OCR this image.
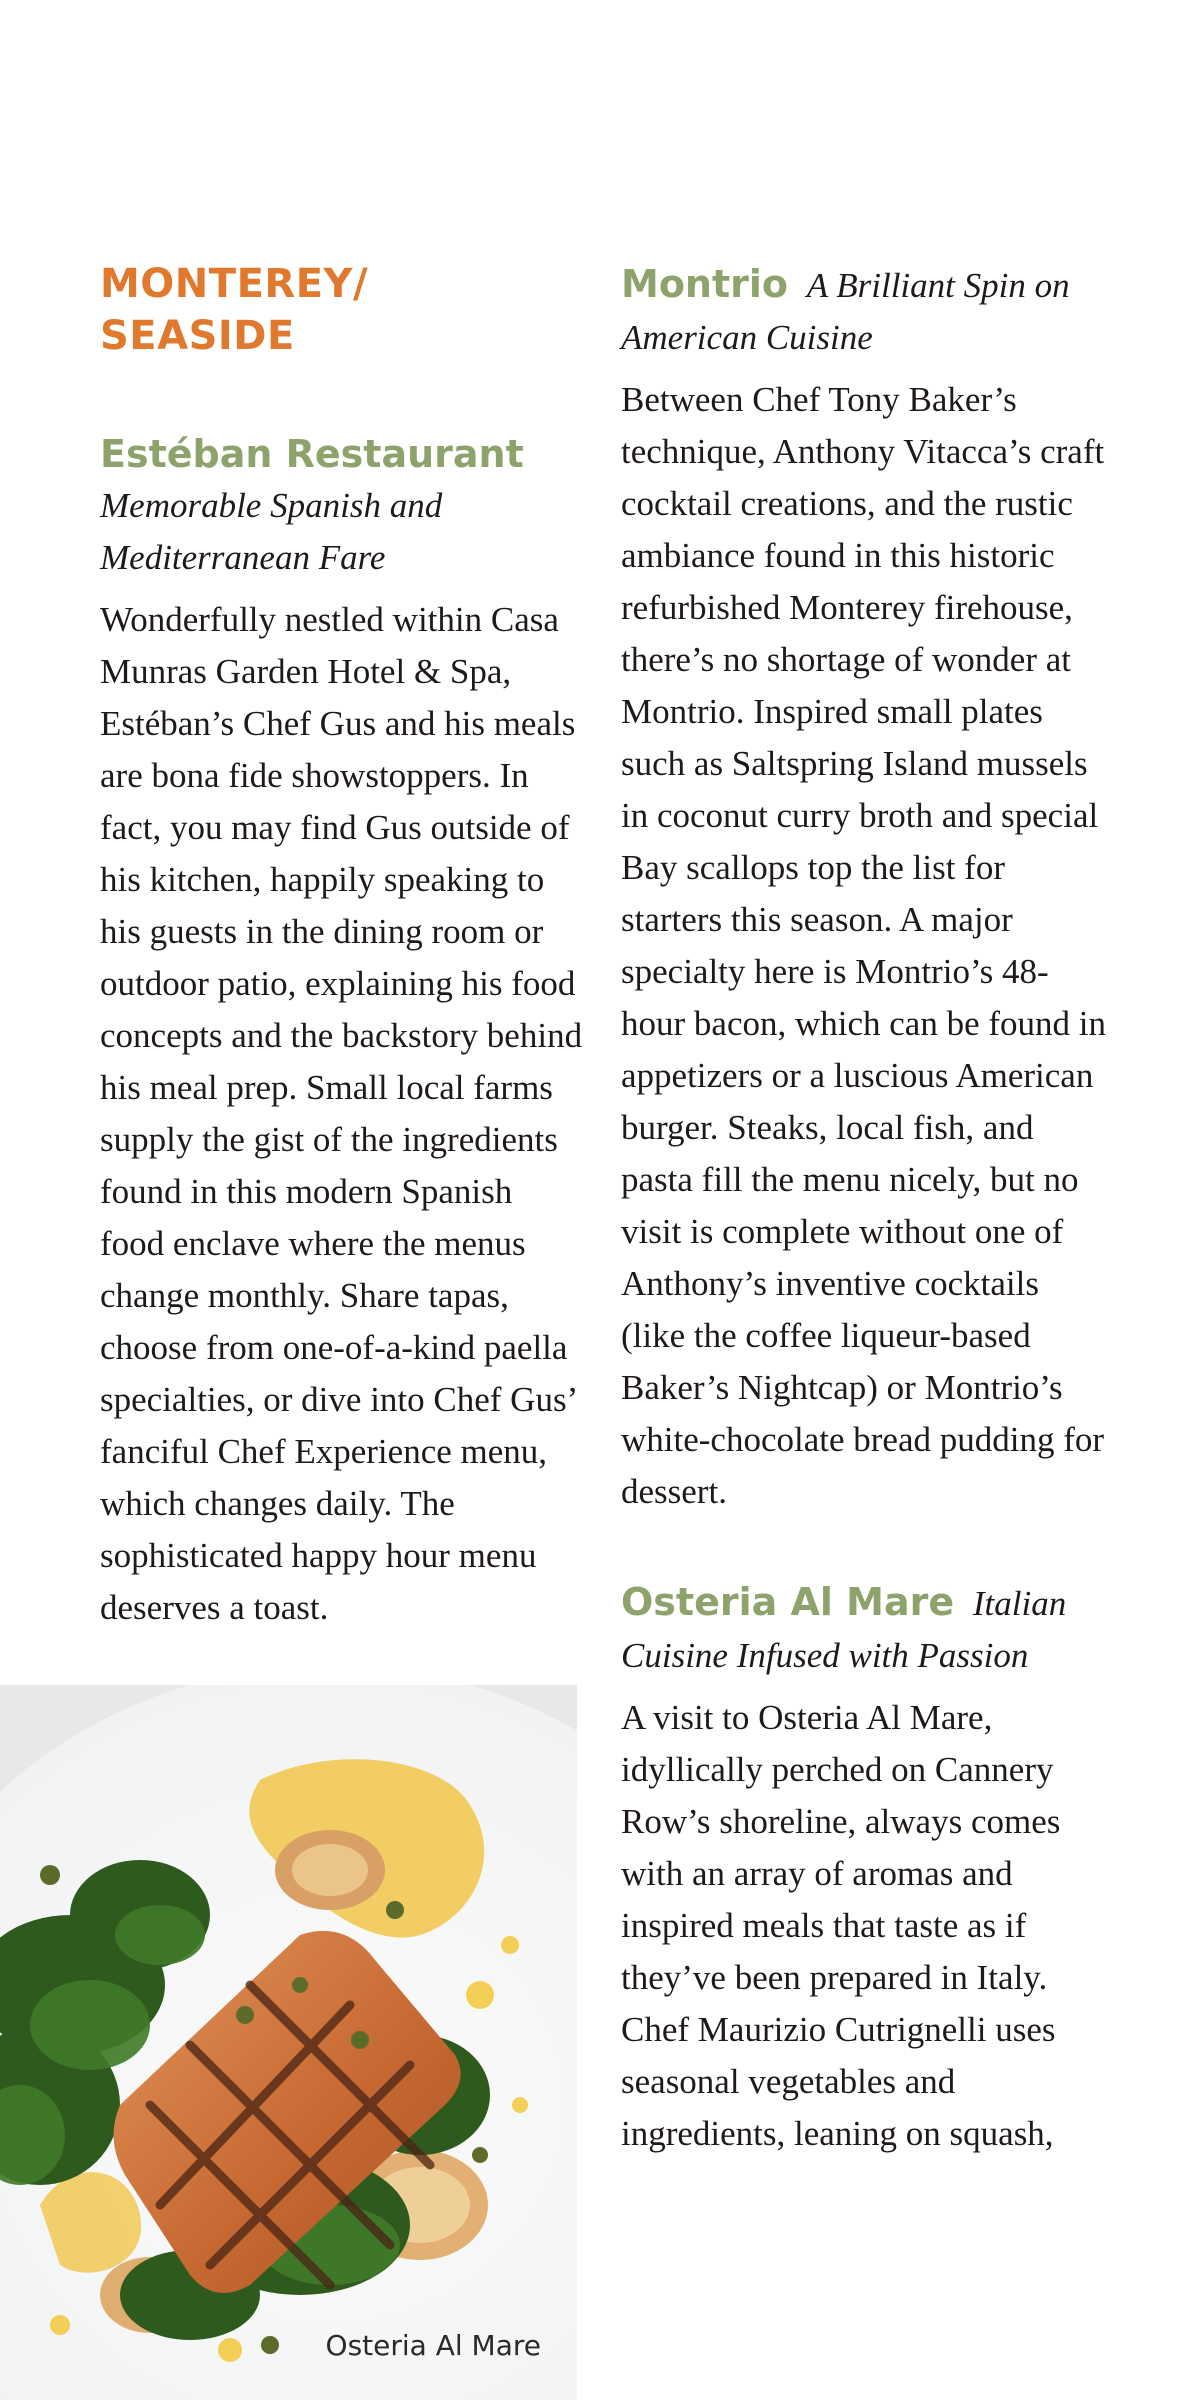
MONTEREY/
SEASIDE
Estéban Restaurant
Memorable Spanish and
Mediterranean Fare

Wonderfully nestled within Casa Munras Garden Hotel & Spa, Estéban’s Chef Gus and his meals are bona fide showstoppers. In fact, you may find Gus outside of his kitchen, happily speaking to his guests in the dining room or outdoor patio, explaining his food concepts and the backstory behind his meal prep. Small local farms supply the gist of the ingredients found in this modern Spanish food enclave where the menus change monthly. Share tapas, choose from one-of-a-kind paella specialties, or dive into Chef Gus’ fanciful Chef Experience menu, which changes daily. The sophisticated happy hour menu deserves a toast.

Montrio A Brilliant Spin on American Cuisine

Between Chef Tony Baker’s technique, Anthony Vitacca’s craft cocktail creations, and the rustic ambiance found in this historic refurbished Monterey firehouse, there’s no shortage of wonder at Montrio. Inspired small plates such as Saltspring Island mussels in coconut curry broth and special Bay scallops top the list for starters this season. A major specialty here is Montrio’s 48-hour bacon, which can be found in appetizers or a luscious American burger. Steaks, local fish, and pasta fill the menu nicely, but no visit is complete without one of Anthony’s inventive cocktails (like the coffee liqueur-based Baker’s Nightcap) or Montrio’s white-chocolate bread pudding for dessert.

Osteria Al Mare Italian Cuisine Infused with Passion

A visit to Osteria Al Mare, idyllically perched on Cannery Row’s shoreline, always comes with an array of aromas and inspired meals that taste as if they’ve been prepared in Italy. Chef Maurizio Cutrignelli uses seasonal vegetables and ingredients, leaning on squash,

Osteria Al Mare
